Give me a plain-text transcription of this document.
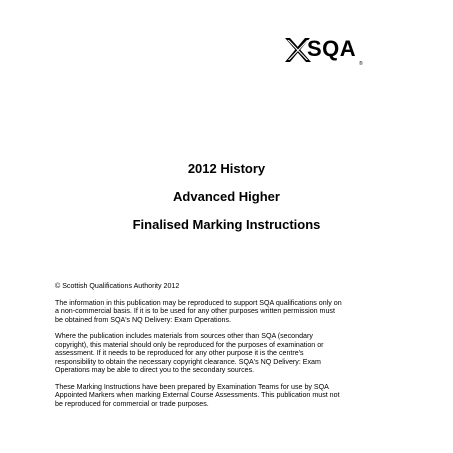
SQA
®

2012 History

Advanced Higher

Finalised Marking Instructions

© Scottish Qualifications Authority 2012

The information in this publication may be reproduced to support SQA qualifications only on
a non-commercial basis. If it is to be used for any other purposes written permission must
be obtained from SQA's NQ Delivery: Exam Operations.

Where the publication includes materials from sources other than SQA (secondary
copyright), this material should only be reproduced for the purposes of examination or
assessment. If it needs to be reproduced for any other purpose it is the centre's
responsibility to obtain the necessary copyright clearance. SQA's NQ Delivery: Exam
Operations may be able to direct you to the secondary sources.

These Marking Instructions have been prepared by Examination Teams for use by SQA
Appointed Markers when marking External Course Assessments. This publication must not
be reproduced for commercial or trade purposes.
